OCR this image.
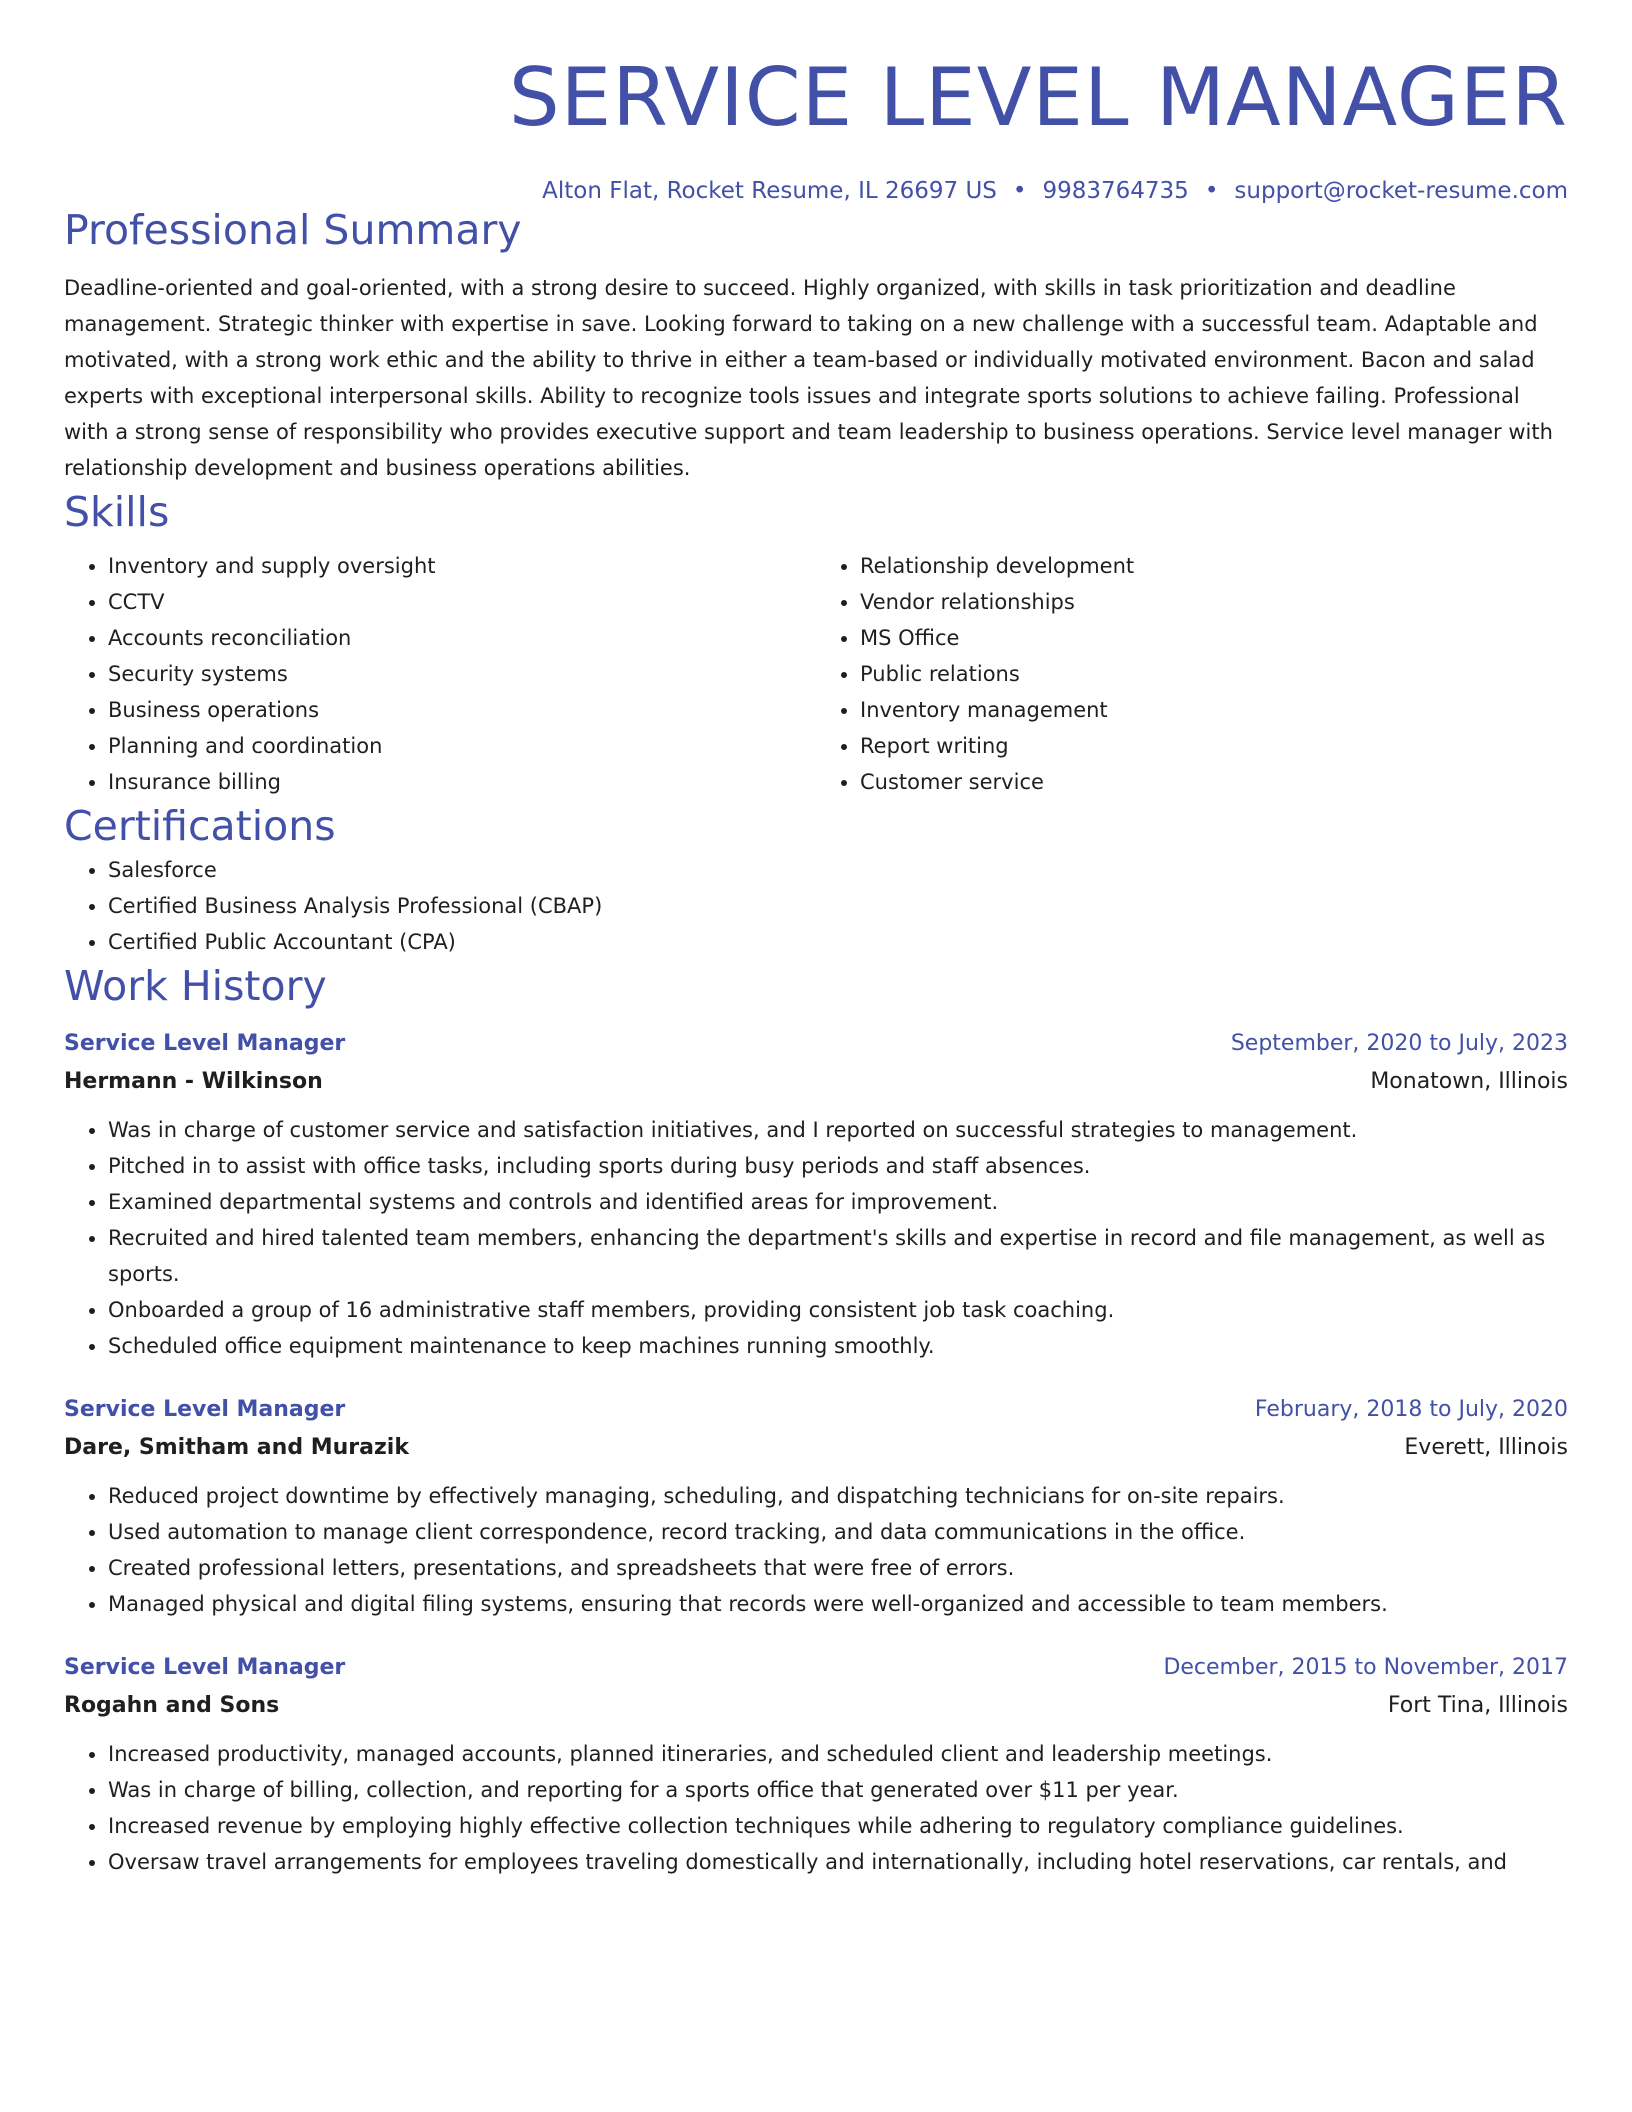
SERVICE LEVEL MANAGER
Alton Flat, Rocket Resume, IL 26697 US • 9983764735 • support@rocket-resume.com
Professional Summary

Deadline-oriented and goal-oriented, with a strong desire to succeed. Highly organized, with skills in task prioritization and deadline management. Strategic thinker with expertise in save. Looking forward to taking on a new challenge with a successful team. Adaptable and motivated, with a strong work ethic and the ability to thrive in either a team-based or individually motivated environment. Bacon and salad experts with exceptional interpersonal skills. Ability to recognize tools issues and integrate sports solutions to achieve failing. Professional with a strong sense of responsibility who provides executive support and team leadership to business operations. Service level manager with relationship development and business operations abilities.

Skills
• Inventory and supply oversight
• CCTV
• Accounts reconciliation
• Security systems
• Business operations
• Planning and coordination
• Insurance billing
• Relationship development
• Vendor relationships
• MS Office
• Public relations
• Inventory management
• Report writing
• Customer service
Certifications
• Salesforce
• Certified Business Analysis Professional (CBAP)
• Certified Public Accountant (CPA)
Work History
Service Level Manager	September, 2020 to July, 2023
Hermann - Wilkinson	Monatown, Illinois
• Was in charge of customer service and satisfaction initiatives, and I reported on successful strategies to management.
• Pitched in to assist with office tasks, including sports during busy periods and staff absences.
• Examined departmental systems and controls and identified areas for improvement.
• Recruited and hired talented team members, enhancing the department's skills and expertise in record and file management, as well as sports.
• Onboarded a group of 16 administrative staff members, providing consistent job task coaching.
• Scheduled office equipment maintenance to keep machines running smoothly.
Service Level Manager	February, 2018 to July, 2020
Dare, Smitham and Murazik	Everett, Illinois
• Reduced project downtime by effectively managing, scheduling, and dispatching technicians for on-site repairs.
• Used automation to manage client correspondence, record tracking, and data communications in the office.
• Created professional letters, presentations, and spreadsheets that were free of errors.
• Managed physical and digital filing systems, ensuring that records were well-organized and accessible to team members.
Service Level Manager	December, 2015 to November, 2017
Rogahn and Sons	Fort Tina, Illinois
• Increased productivity, managed accounts, planned itineraries, and scheduled client and leadership meetings.
• Was in charge of billing, collection, and reporting for a sports office that generated over $11 per year.
• Increased revenue by employing highly effective collection techniques while adhering to regulatory compliance guidelines.
• Oversaw travel arrangements for employees traveling domestically and internationally, including hotel reservations, car rentals, and
